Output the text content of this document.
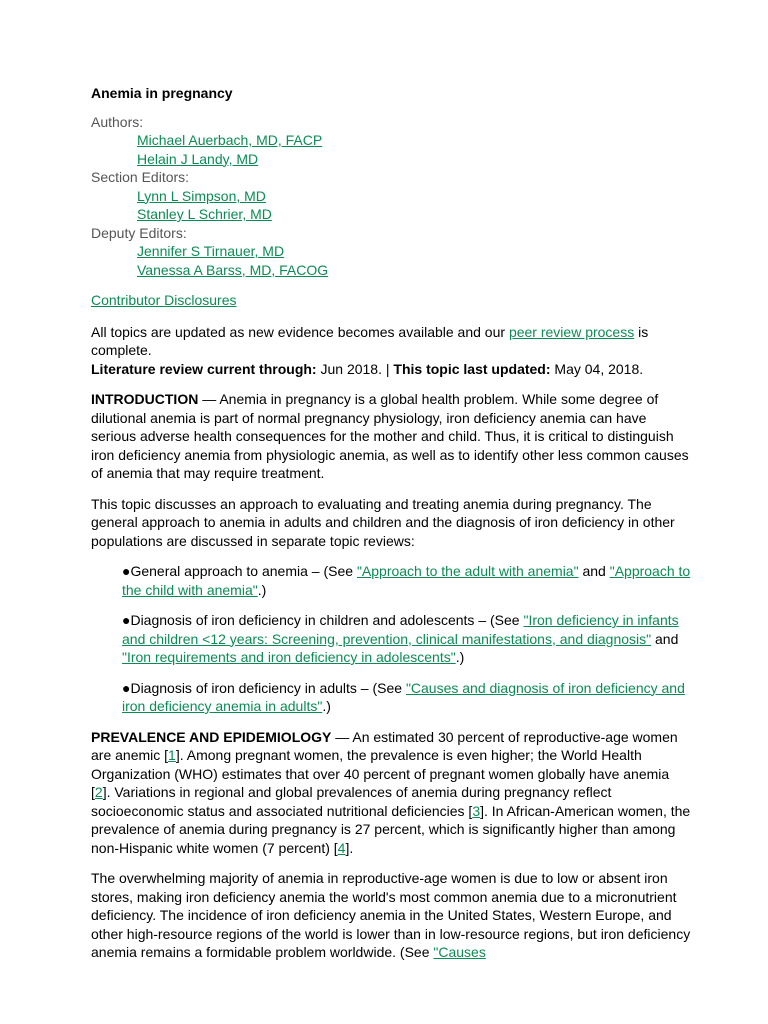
Anemia in pregnancy
Authors:
Michael Auerbach, MD, FACP
Helain J Landy, MD
Section Editors:
Lynn L Simpson, MD
Stanley L Schrier, MD
Deputy Editors:
Jennifer S Tirnauer, MD
Vanessa A Barss, MD, FACOG
Contributor Disclosures

All topics are updated as new evidence becomes available and our peer review process is complete.
Literature review current through: Jun 2018. | This topic last updated: May 04, 2018.

INTRODUCTION — Anemia in pregnancy is a global health problem. While some degree of dilutional anemia is part of normal pregnancy physiology, iron deficiency anemia can have serious adverse health consequences for the mother and child. Thus, it is critical to distinguish iron deficiency anemia from physiologic anemia, as well as to identify other less common causes of anemia that may require treatment.

This topic discusses an approach to evaluating and treating anemia during pregnancy. The general approach to anemia in adults and children and the diagnosis of iron deficiency in other populations are discussed in separate topic reviews:

●General approach to anemia – (See "Approach to the adult with anemia" and "Approach to the child with anemia".)
●Diagnosis of iron deficiency in children and adolescents – (See "Iron deficiency in infants and children <12 years: Screening, prevention, clinical manifestations, and diagnosis" and "Iron requirements and iron deficiency in adolescents".)
●Diagnosis of iron deficiency in adults – (See "Causes and diagnosis of iron deficiency and iron deficiency anemia in adults".)

PREVALENCE AND EPIDEMIOLOGY — An estimated 30 percent of reproductive-age women are anemic [1]. Among pregnant women, the prevalence is even higher; the World Health Organization (WHO) estimates that over 40 percent of pregnant women globally have anemia [2]. Variations in regional and global prevalences of anemia during pregnancy reflect socioeconomic status and associated nutritional deficiencies [3]. In African-American women, the prevalence of anemia during pregnancy is 27 percent, which is significantly higher than among non-Hispanic white women (7 percent) [4].

The overwhelming majority of anemia in reproductive-age women is due to low or absent iron stores, making iron deficiency anemia the world's most common anemia due to a micronutrient deficiency. The incidence of iron deficiency anemia in the United States, Western Europe, and other high-resource regions of the world is lower than in low-resource regions, but iron deficiency anemia remains a formidable problem worldwide. (See "Causes
